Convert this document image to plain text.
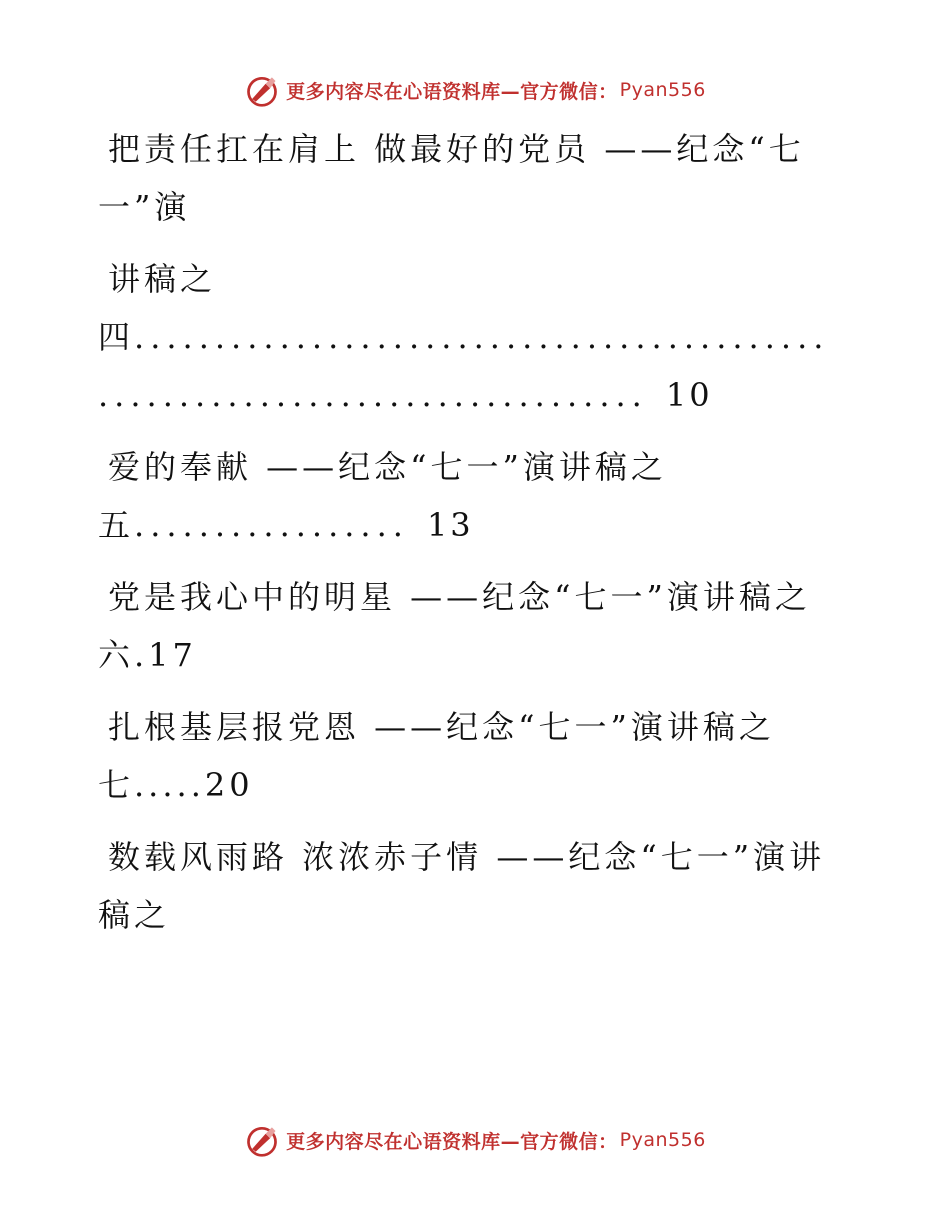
更多内容尽在心语资料库—官方微信： Pyan556
把责任扛在肩上 做最好的党员 ——纪念“七
一”演
讲稿之
四...........................................
.................................. 10
爱的奉献 ——纪念“七一”演讲稿之
五................. 13
党是我心中的明星 ——纪念“七一”演讲稿之
六.17
扎根基层报党恩 ——纪念“七一”演讲稿之
七.....20
数载风雨路 浓浓赤子情 ——纪念“七一”演讲
稿之
更多内容尽在心语资料库—官方微信： Pyan556
